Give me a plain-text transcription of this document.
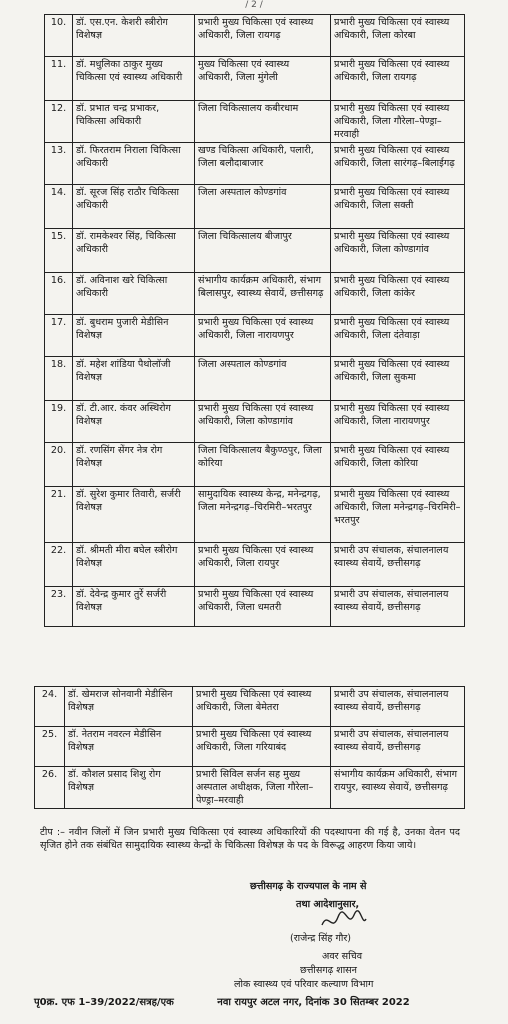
/ 2 /
10.	डॉ. एस.एन. केशरी स्त्रीरोग विशेषज्ञ	प्रभारी मुख्य चिकित्सा एवं स्वास्थ्य अधिकारी, जिला रायगढ़	प्रभारी मुख्य चिकित्सा एवं स्वास्थ्य अधिकारी, जिला कोरबा
11.	डॉ. मधुलिका ठाकुर मुख्य चिकित्सा एवं स्वास्थ्य अधिकारी	मुख्य चिकित्सा एवं स्वास्थ्य अधिकारी, जिला मुंगेली	प्रभारी मुख्य चिकित्सा एवं स्वास्थ्य अधिकारी, जिला रायगढ़
12.	डॉ. प्रभात चन्द्र प्रभाकर, चिकित्सा अधिकारी	जिला चिकित्सालय कबीरधाम	प्रभारी मुख्य चिकित्सा एवं स्वास्थ्य अधिकारी, जिला गौरेला–पेण्ड्रा–मरवाही
13.	डॉ. फिरतराम निराला चिकित्सा अधिकारी	खण्ड चिकित्सा अधिकारी, पलारी, जिला बलौदाबाजार	प्रभारी मुख्य चिकित्सा एवं स्वास्थ्य अधिकारी, जिला सारंगढ़–बिलाईगढ़
14.	डॉ. सूरज सिंह राठौर चिकित्सा अधिकारी	जिला अस्पताल कोण्डगांव	प्रभारी मुख्य चिकित्सा एवं स्वास्थ्य अधिकारी, जिला सक्ती
15.	डॉ. रामकेश्वर सिंह, चिकित्सा अधिकारी	जिला चिकित्सालय बीजापुर	प्रभारी मुख्य चिकित्सा एवं स्वास्थ्य अधिकारी, जिला कोण्डागांव
16.	डॉ. अविनाश खरे चिकित्सा अधिकारी	संभागीय कार्यक्रम अधिकारी, संभाग बिलासपुर, स्वास्थ्य सेवायें, छत्तीसगढ़	प्रभारी मुख्य चिकित्सा एवं स्वास्थ्य अधिकारी, जिला कांकेर
17.	डॉ. बुधराम पुजारी मेडीसिन विशेषज्ञ	प्रभारी मुख्य चिकित्सा एवं स्वास्थ्य अधिकारी, जिला नारायणपुर	प्रभारी मुख्य चिकित्सा एवं स्वास्थ्य अधिकारी, जिला दंतेवाड़ा
18.	डॉ. महेश शांडिया पैथोलॉजी विशेषज्ञ	जिला अस्पताल कोण्डगांव	प्रभारी मुख्य चिकित्सा एवं स्वास्थ्य अधिकारी, जिला सुकमा
19.	डॉ. टी.आर. कंवर अस्थिरोग विशेषज्ञ	प्रभारी मुख्य चिकित्सा एवं स्वास्थ्य अधिकारी, जिला कोण्डागांव	प्रभारी मुख्य चिकित्सा एवं स्वास्थ्य अधिकारी, जिला नारायणपुर
20.	डॉ. रणसिंग सेंगर नेत्र रोग विशेषज्ञ	जिला चिकित्सालय बैकुण्ठपुर, जिला कोरिया	प्रभारी मुख्य चिकित्सा एवं स्वास्थ्य अधिकारी, जिला कोरिया
21.	डॉ. सुरेश कुमार तिवारी, सर्जरी विशेषज्ञ	सामुदायिक स्वास्थ्य केन्द्र, मनेन्द्रगढ़, जिला मनेन्द्रगढ़–चिरमिरी–भरतपुर	प्रभारी मुख्य चिकित्सा एवं स्वास्थ्य अधिकारी, जिला मनेन्द्रगढ़–चिरमिरी–भरतपुर
22.	डॉ. श्रीमती मीरा बघेल स्त्रीरोग विशेषज्ञ	प्रभारी मुख्य चिकित्सा एवं स्वास्थ्य अधिकारी, जिला रायपुर	प्रभारी उप संचालक, संचालनालय स्वास्थ्य सेवायें, छत्तीसगढ़
23.	डॉ. देवेन्द्र कुमार तुर्रे सर्जरी विशेषज्ञ	प्रभारी मुख्य चिकित्सा एवं स्वास्थ्य अधिकारी, जिला धमतरी	प्रभारी उप संचालक, संचालनालय स्वास्थ्य सेवायें, छत्तीसगढ़
24.	डॉ. खेमराज सोनवानी मेडीसिन विशेषज्ञ	प्रभारी मुख्य चिकित्सा एवं स्वास्थ्य अधिकारी, जिला बेमेतरा	प्रभारी उप संचालक, संचालनालय स्वास्थ्य सेवायें, छत्तीसगढ़
25.	डॉ. नेतराम नवरत्न मेडीसिन विशेषज्ञ	प्रभारी मुख्य चिकित्सा एवं स्वास्थ्य अधिकारी, जिला गरियाबंद	प्रभारी उप संचालक, संचालनालय स्वास्थ्य सेवायें, छत्तीसगढ़
26.	डॉ. कौशल प्रसाद शिशु रोग विशेषज्ञ	प्रभारी सिविल सर्जन सह मुख्य अस्पताल अधीक्षक, जिला गौरेला–पेण्ड्रा–मरवाही	संभागीय कार्यक्रम अधिकारी, संभाग रायपुर, स्वास्थ्य सेवायें, छत्तीसगढ़
टीप :– नवीन जिलों में जिन प्रभारी मुख्य चिकित्सा एवं स्वास्थ्य अधिकारियों की पदस्थापना की गई है, उनका वेतन पद सृजित होने तक संबंधित सामुदायिक स्वास्थ्य केन्द्रों के चिकित्सा विशेषज्ञ के पद के विरूद्ध आहरण किया जाये।
छत्तीसगढ़ के राज्यपाल के नाम से
तथा आदेशानुसार,
(राजेन्द्र सिंह गौर)
अवर सचिव
छत्तीसगढ़ शासन
लोक स्वास्थ्य एवं परिवार कल्याण विभाग
पृ0क्र. एफ 1–39/2022/सत्रह/एक	नवा रायपुर अटल नगर, दिनांक 30 सितम्बर 2022
